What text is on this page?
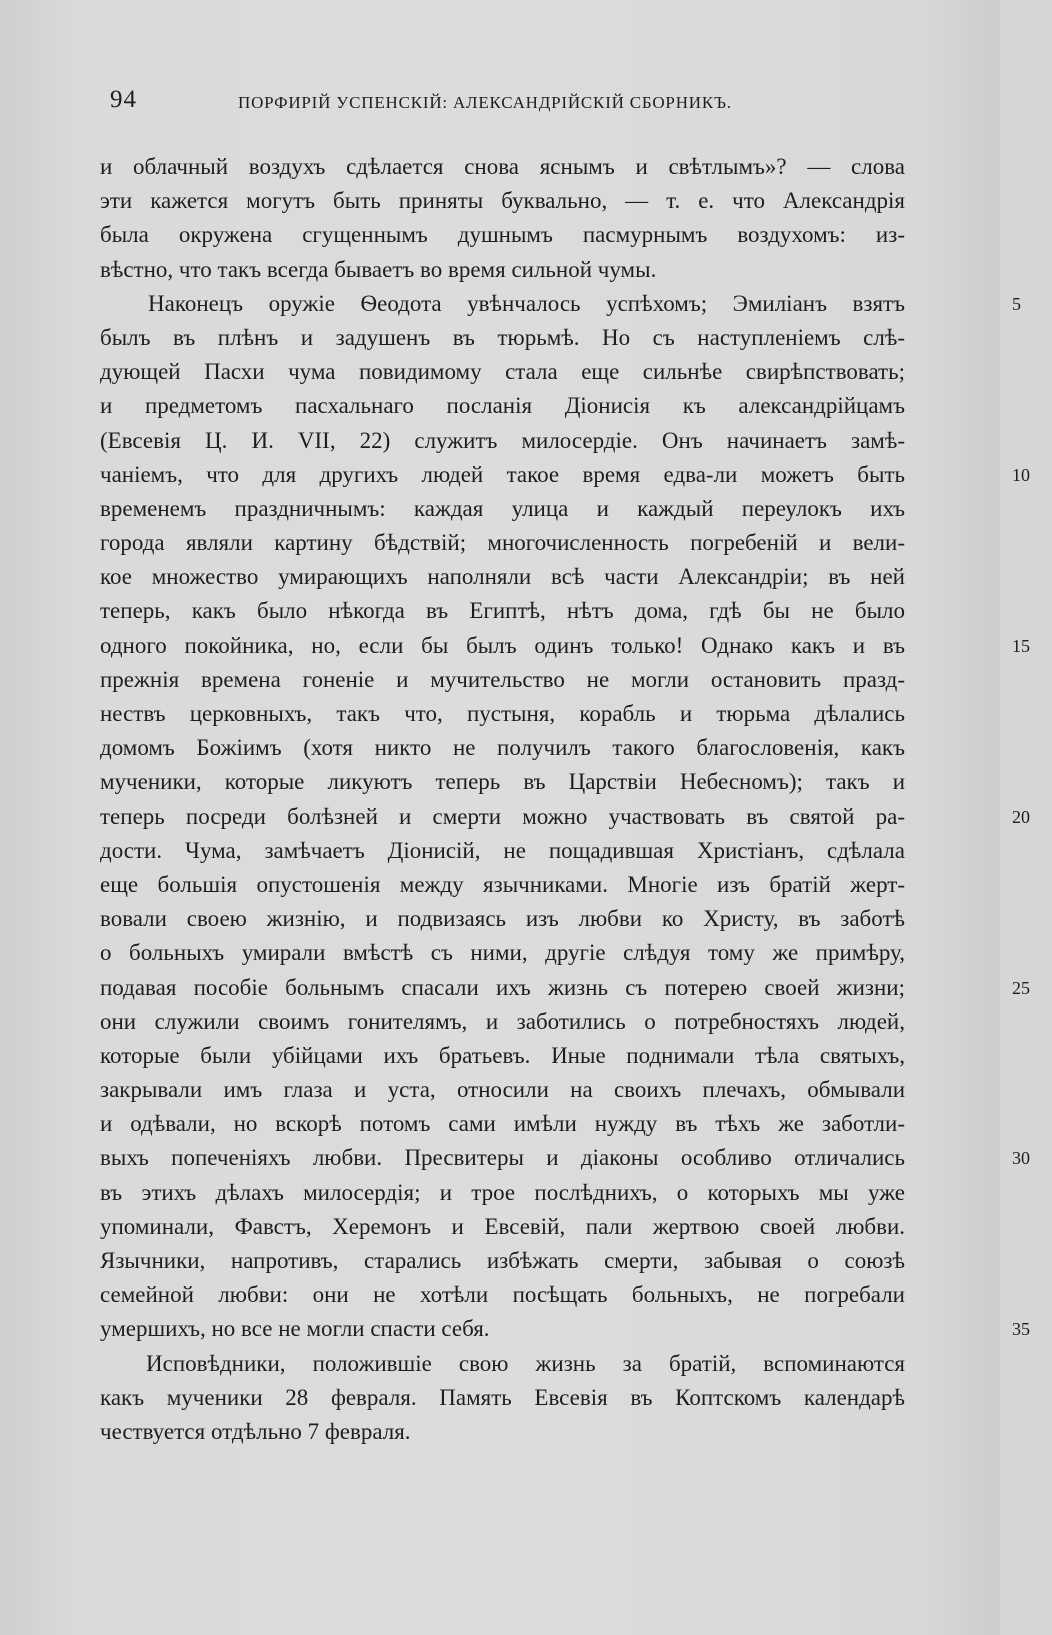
94	ПОРФИРІЙ УСПЕНСКІЙ: АЛЕКСАНДРІЙСКІЙ СБОРНИКЪ.
и облачный воздухъ сдѣлается снова яснымъ и свѣтлымъ»? — слова
эти кажется могутъ быть приняты буквально, — т. е. что Александрія
была окружена сгущеннымъ душнымъ пасмурнымъ воздухомъ: из-
вѣстно, что такъ всегда бываетъ во время сильной чумы.
Наконецъ оружіе Ѳеодота увѣнчалось успѣхомъ; Эмиліанъ взятъ	5
былъ въ плѣнъ и задушенъ въ тюрьмѣ. Но съ наступленіемъ слѣ-
дующей Пасхи чума повидимому стала еще сильнѣе свирѣпствовать;
и предметомъ пасхальнаго посланія Діонисія къ александрійцамъ
(Евсевія Ц. И. VII, 22) служитъ милосердіе. Онъ начинаетъ замѣ-
чаніемъ, что для другихъ людей такое время едва-ли можетъ быть	10
временемъ праздничнымъ: каждая улица и каждый переулокъ ихъ
города являли картину бѣдствій; многочисленность погребеній и вели-
кое множество умирающихъ наполняли всѣ части Александріи; въ ней
теперь, какъ было нѣкогда въ Египтѣ, нѣтъ дома, гдѣ бы не было
одного покойника, но, если бы былъ одинъ только! Однако какъ и въ	15
прежнія времена гоненіе и мучительство не могли остановить празд-
нествъ церковныхъ, такъ что, пустыня, корабль и тюрьма дѣлались
домомъ Божіимъ (хотя никто не получилъ такого благословенія, какъ
мученики, которые ликуютъ теперь въ Царствіи Небесномъ); такъ и
теперь посреди болѣзней и смерти можно участвовать въ святой ра-	20
дости. Чума, замѣчаетъ Діонисій, не пощадившая Христіанъ, сдѣлала
еще большія опустошенія между язычниками. Многіе изъ братій жерт-
вовали своею жизнію, и подвизаясь изъ любви ко Христу, въ заботѣ
о больныхъ умирали вмѣстѣ съ ними, другіе слѣдуя тому же примѣру,
подавая пособіе больнымъ спасали ихъ жизнь съ потерею своей жизни;	25
они служили своимъ гонителямъ, и заботились о потребностяхъ людей,
которые были убійцами ихъ братьевъ. Иные поднимали тѣла святыхъ,
закрывали имъ глаза и уста, относили на своихъ плечахъ, обмывали
и одѣвали, но вскорѣ потомъ сами имѣли нужду въ тѣхъ же заботли-
выхъ попеченіяхъ любви. Пресвитеры и діаконы особливо отличались	30
въ этихъ дѣлахъ милосердія; и трое послѣднихъ, о которыхъ мы уже
упоминали, Фавстъ, Херемонъ и Евсевій, пали жертвою своей любви.
Язычники, напротивъ, старались избѣжать смерти, забывая о союзѣ
семейной любви: они не хотѣли посѣщать больныхъ, не погребали
умершихъ, но все не могли спасти себя.	35
Исповѣдники, положившіе свою жизнь за братій, вспоминаются
какъ мученики 28 февраля. Память Евсевія въ Коптскомъ календарѣ
чествуется отдѣльно 7 февраля.
